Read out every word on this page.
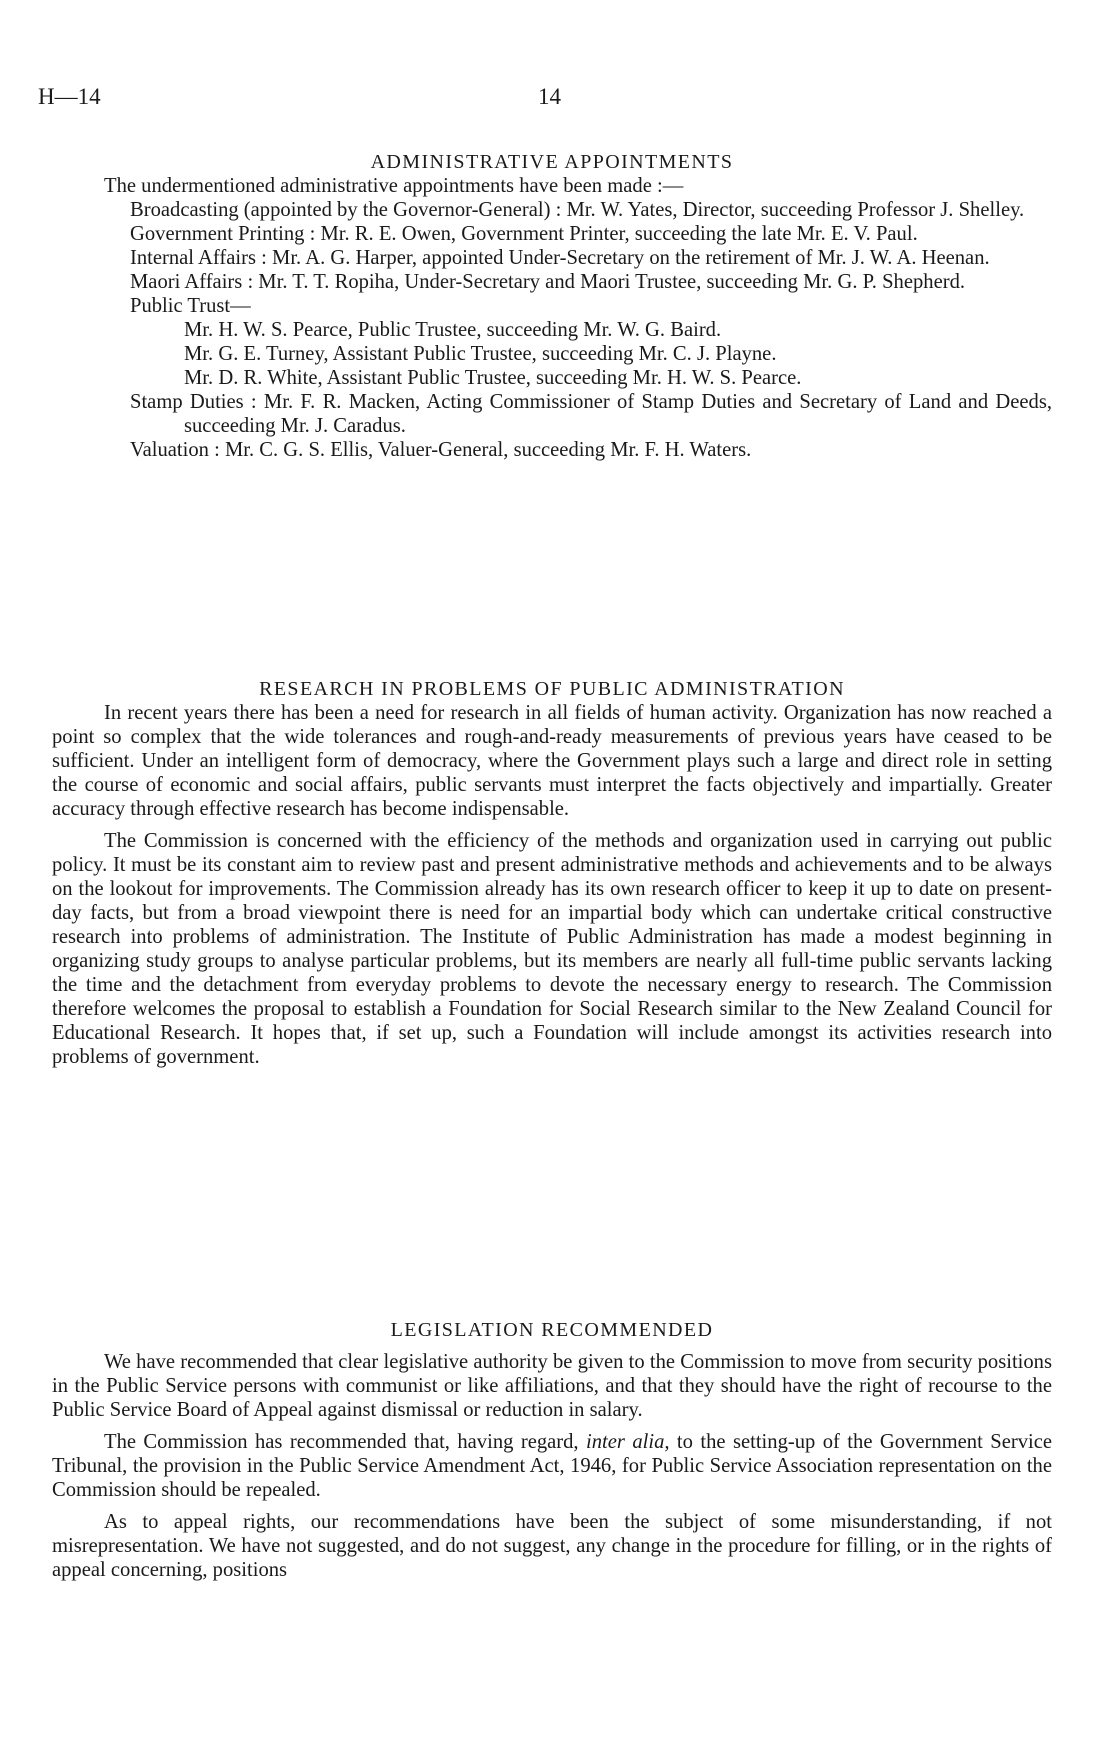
H—14	14
ADMINISTRATIVE APPOINTMENTS

The undermentioned administrative appointments have been made :—

Broadcasting (appointed by the Governor-General) : Mr. W. Yates, Director, succeeding Professor J. Shelley.

Government Printing : Mr. R. E. Owen, Government Printer, succeeding the late Mr. E. V. Paul.

Internal Affairs : Mr. A. G. Harper, appointed Under-Secretary on the retirement of Mr. J. W. A. Heenan.

Maori Affairs : Mr. T. T. Ropiha, Under-Secretary and Maori Trustee, succeeding Mr. G. P. Shepherd.

Public Trust—

Mr. H. W. S. Pearce, Public Trustee, succeeding Mr. W. G. Baird.

Mr. G. E. Turney, Assistant Public Trustee, succeeding Mr. C. J. Playne.

Mr. D. R. White, Assistant Public Trustee, succeeding Mr. H. W. S. Pearce.

Stamp Duties : Mr. F. R. Macken, Acting Commissioner of Stamp Duties and Secretary of Land and Deeds, succeeding Mr. J. Caradus.

Valuation : Mr. C. G. S. Ellis, Valuer-General, succeeding Mr. F. H. Waters.

RESEARCH IN PROBLEMS OF PUBLIC ADMINISTRATION

In recent years there has been a need for research in all fields of human activity. Organization has now reached a point so complex that the wide tolerances and rough-and-ready measurements of previous years have ceased to be sufficient. Under an intelligent form of democracy, where the Government plays such a large and direct role in setting the course of economic and social affairs, public servants must interpret the facts objectively and impartially. Greater accuracy through effective research has become indispensable.

The Commission is concerned with the efficiency of the methods and organization used in carrying out public policy. It must be its constant aim to review past and present administrative methods and achievements and to be always on the lookout for improvements. The Commission already has its own research officer to keep it up to date on present-day facts, but from a broad viewpoint there is need for an impartial body which can undertake critical constructive research into problems of administration. The Institute of Public Administration has made a modest beginning in organizing study groups to analyse particular problems, but its members are nearly all full-time public servants lacking the time and the detachment from everyday problems to devote the necessary energy to research. The Commission therefore welcomes the proposal to establish a Foundation for Social Research similar to the New Zealand Council for Educational Research. It hopes that, if set up, such a Foundation will include amongst its activities research into problems of government.

LEGISLATION RECOMMENDED

We have recommended that clear legislative authority be given to the Commission to move from security positions in the Public Service persons with communist or like affiliations, and that they should have the right of recourse to the Public Service Board of Appeal against dismissal or reduction in salary.

The Commission has recommended that, having regard, inter alia, to the setting-up of the Government Service Tribunal, the provision in the Public Service Amendment Act, 1946, for Public Service Association representation on the Commission should be repealed.

As to appeal rights, our recommendations have been the subject of some misunderstanding, if not misrepresentation. We have not suggested, and do not suggest, any change in the procedure for filling, or in the rights of appeal concerning, positions
